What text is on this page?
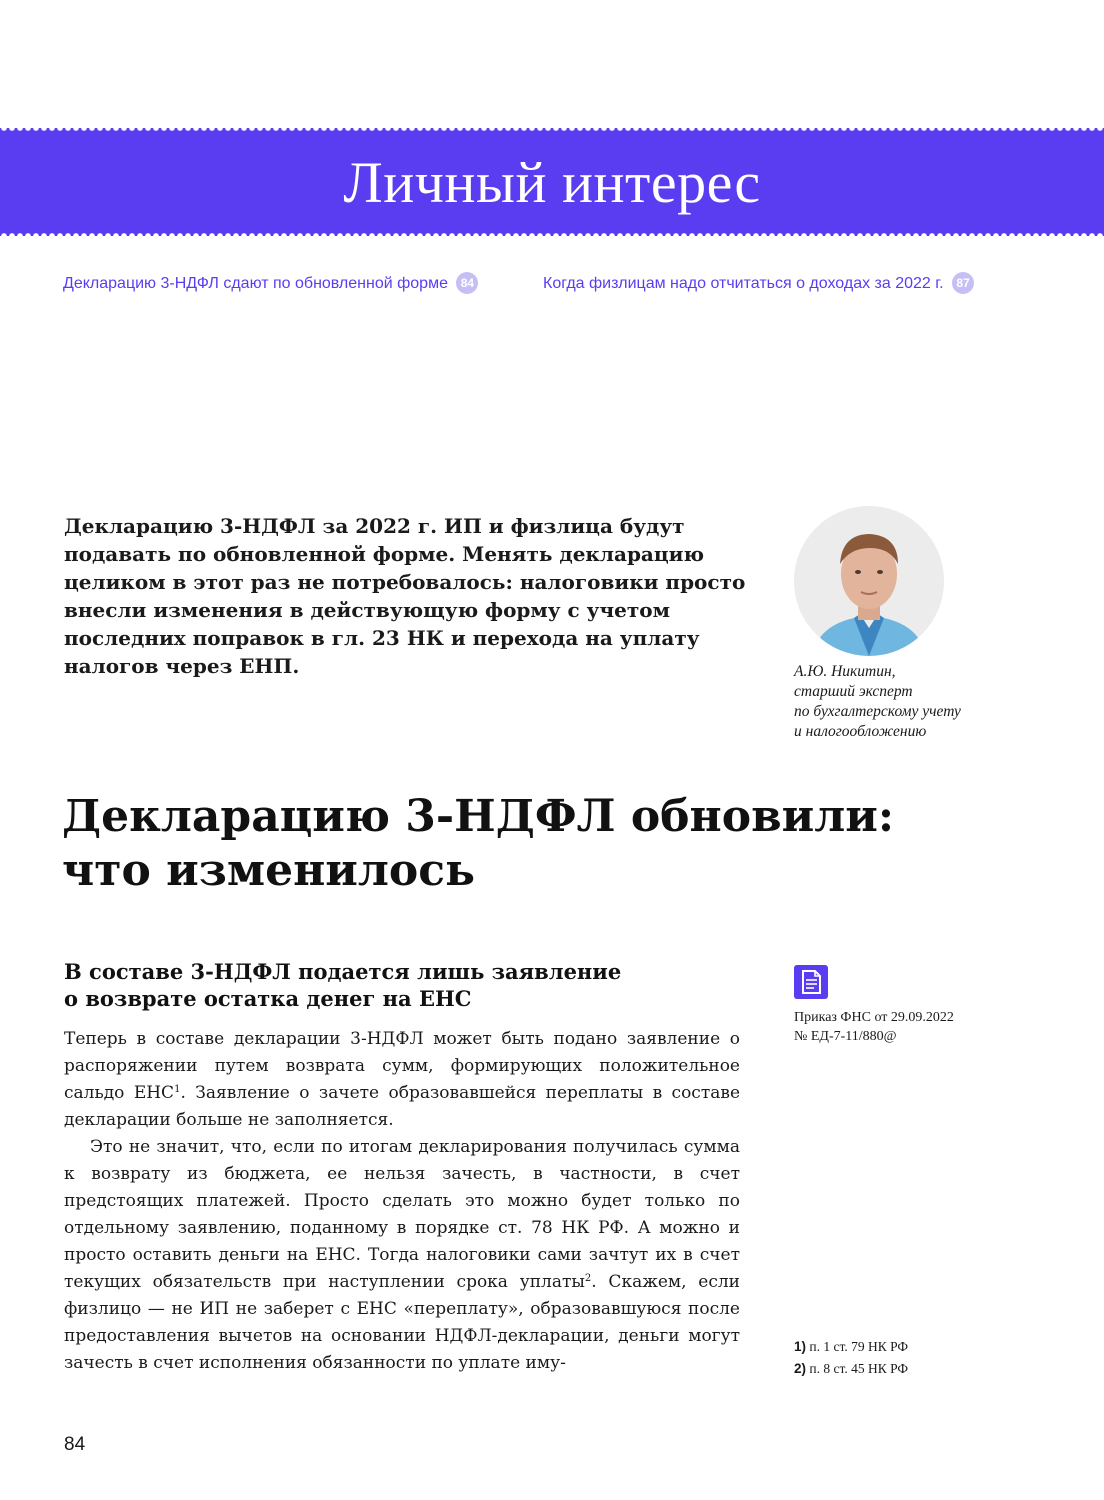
Личный интерес
Декларацию 3-НДФЛ сдают по обновленной форме 84	Когда физлицам надо отчитаться о доходах за 2022 г. 87

Декларацию 3-НДФЛ за 2022 г. ИП и физлица будут подавать по обновленной форме. Менять декларацию целиком в этот раз не потребовалось: налоговики просто внесли изменения в действующую форму с учетом последних поправок в гл. 23 НК и перехода на уплату налогов через ЕНП.	А.Ю. Никитин,
старший эксперт
по бухгалтерскому учету
и налогообложению
Декларацию 3-НДФЛ обновили:
что изменилось
В составе 3-НДФЛ подается лишь заявление
о возврате остатка денег на ЕНС

Теперь в составе декларации 3-НДФЛ может быть подано заявление о распоряжении путем возврата сумм, формирующих положительное сальдо ЕНС$^1$. Заявление о зачете образовавшейся переплаты в составе декларации больше не заполняется.

Это не значит, что, если по итогам декларирования получилась сумма к возврату из бюджета, ее нельзя зачесть, в частности, в счет предстоящих платежей. Просто сделать это можно будет только по отдельному заявлению, поданному в порядке ст. 78 НК РФ. А можно и просто оставить деньги на ЕНС. Тогда налоговики сами зачтут их в счет текущих обязательств при наступлении срока уплаты$^2$. Скажем, если физлицо — не ИП не заберет с ЕНС «переплату», образовавшуюся после предоставления вычетов на основании НДФЛ-декларации, деньги могут зачесть в счет исполнения обязанности по уплате иму-

Приказ ФНС от 29.09.2022
№ ЕД-7-11/880@
1) п. 1 ст. 79 НК РФ
2) п. 8 ст. 45 НК РФ
84
